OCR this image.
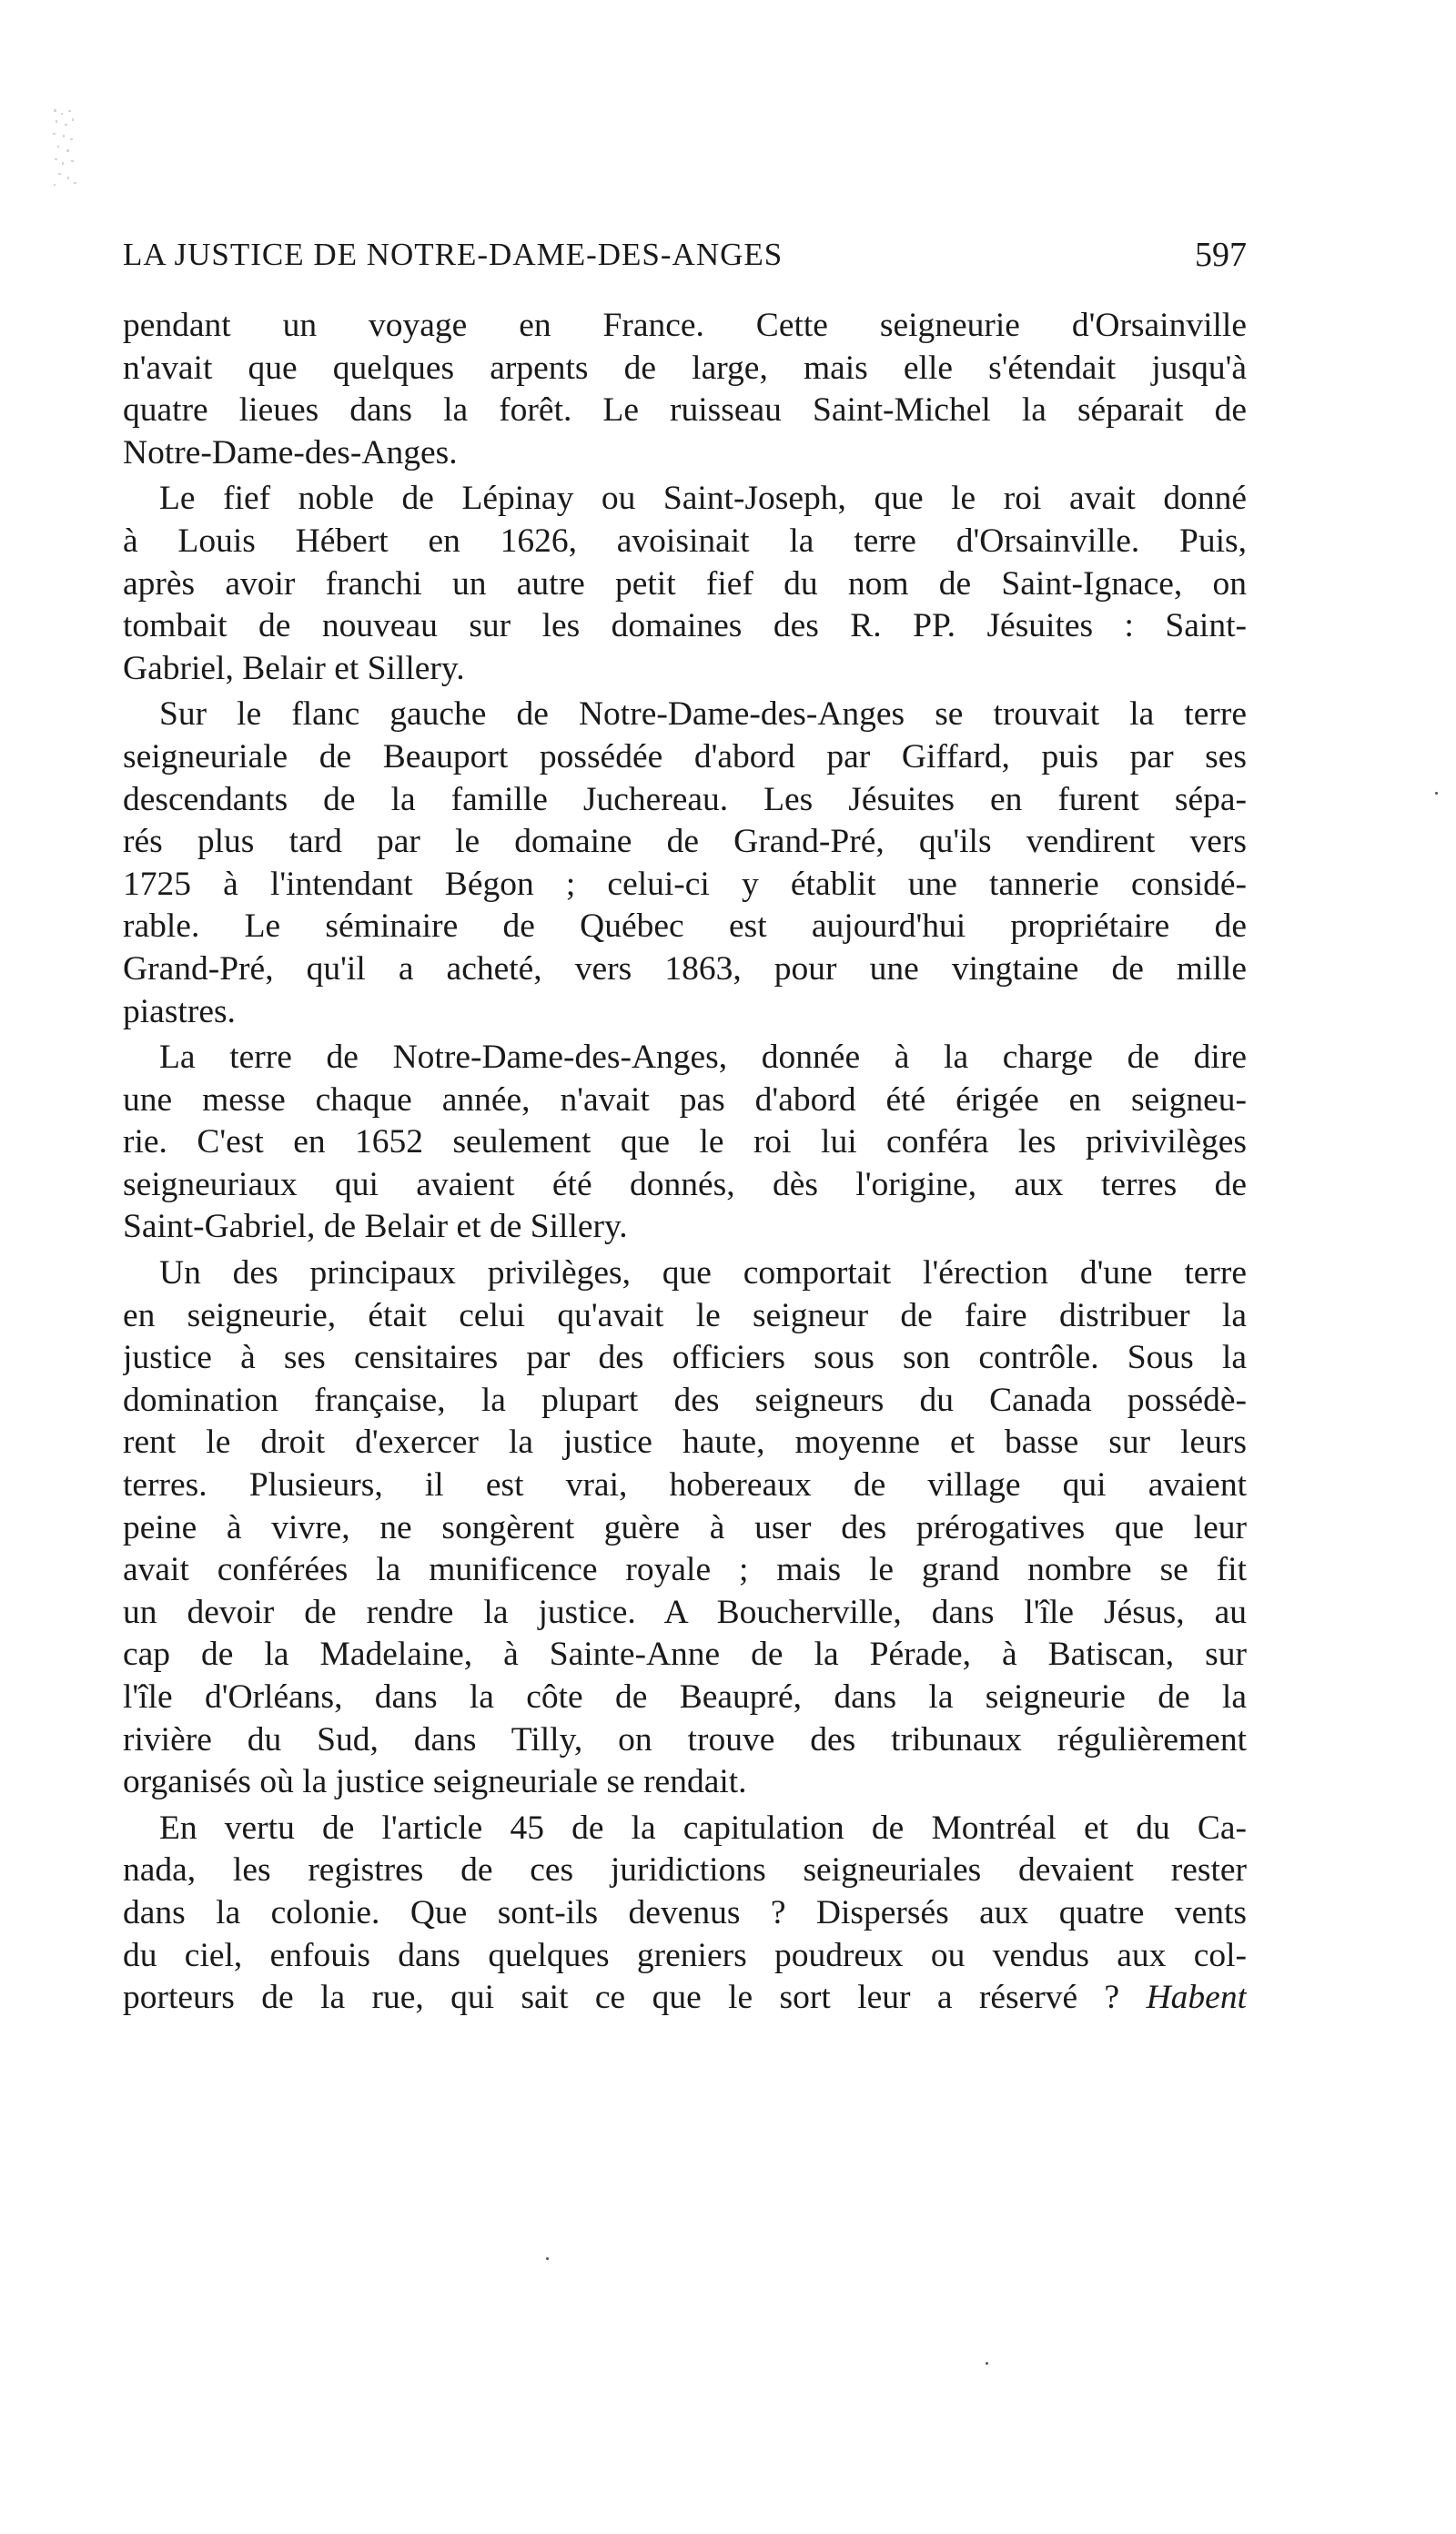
LA JUSTICE DE NOTRE-DAME-DES-ANGES	597
pendant un voyage en France. Cette seigneurie d'Orsainville
n'avait que quelques arpents de large, mais elle s'étendait jusqu'à
quatre lieues dans la forêt. Le ruisseau Saint-Michel la séparait de
Notre-Dame-des-Anges.
Le fief noble de Lépinay ou Saint-Joseph, que le roi avait donné
à Louis Hébert en 1626, avoisinait la terre d'Orsainville. Puis,
après avoir franchi un autre petit fief du nom de Saint-Ignace, on
tombait de nouveau sur les domaines des R. PP. Jésuites : Saint-
Gabriel, Belair et Sillery.
Sur le flanc gauche de Notre-Dame-des-Anges se trouvait la terre
seigneuriale de Beauport possédée d'abord par Giffard, puis par ses
descendants de la famille Juchereau. Les Jésuites en furent sépa-
rés plus tard par le domaine de Grand-Pré, qu'ils vendirent vers
1725 à l'intendant Bégon ; celui-ci y établit une tannerie considé-
rable. Le séminaire de Québec est aujourd'hui propriétaire de
Grand-Pré, qu'il a acheté, vers 1863, pour une vingtaine de mille
piastres.
La terre de Notre-Dame-des-Anges, donnée à la charge de dire
une messe chaque année, n'avait pas d'abord été érigée en seigneu-
rie. C'est en 1652 seulement que le roi lui conféra les privivilèges
seigneuriaux qui avaient été donnés, dès l'origine, aux terres de
Saint-Gabriel, de Belair et de Sillery.
Un des principaux privilèges, que comportait l'érection d'une terre
en seigneurie, était celui qu'avait le seigneur de faire distribuer la
justice à ses censitaires par des officiers sous son contrôle. Sous la
domination française, la plupart des seigneurs du Canada possédè-
rent le droit d'exercer la justice haute, moyenne et basse sur leurs
terres. Plusieurs, il est vrai, hobereaux de village qui avaient
peine à vivre, ne songèrent guère à user des prérogatives que leur
avait conférées la munificence royale ; mais le grand nombre se fit
un devoir de rendre la justice. A Boucherville, dans l'île Jésus, au
cap de la Madelaine, à Sainte-Anne de la Pérade, à Batiscan, sur
l'île d'Orléans, dans la côte de Beaupré, dans la seigneurie de la
rivière du Sud, dans Tilly, on trouve des tribunaux régulièrement
organisés où la justice seigneuriale se rendait.
En vertu de l'article 45 de la capitulation de Montréal et du Ca-
nada, les registres de ces juridictions seigneuriales devaient rester
dans la colonie. Que sont-ils devenus ? Dispersés aux quatre vents
du ciel, enfouis dans quelques greniers poudreux ou vendus aux col-
porteurs de la rue, qui sait ce que le sort leur a réservé ? Habent
